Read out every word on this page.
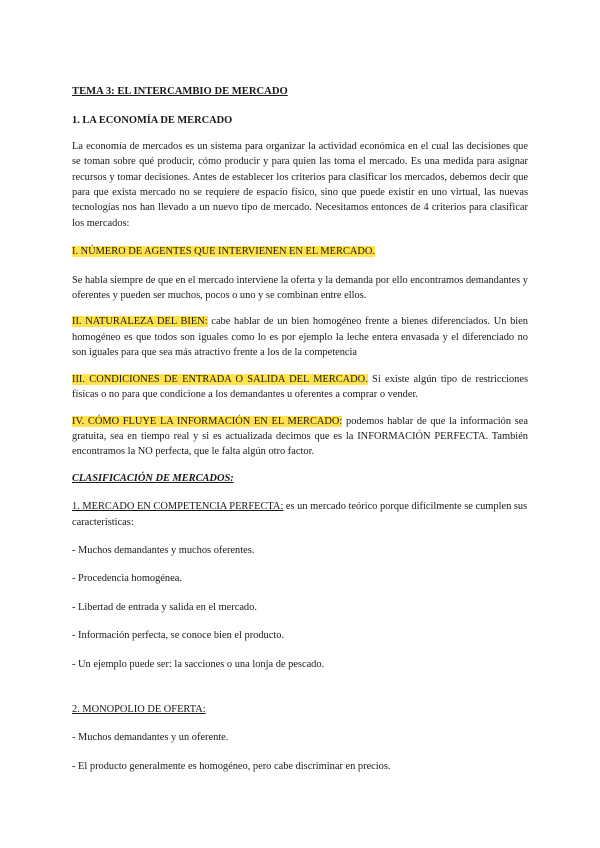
TEMA 3: EL INTERCAMBIO DE MERCADO

1. LA ECONOMÍA DE MERCADO

La economía de mercados es un sistema para organizar la actividad económica en el cual las decisiones que se toman sobre qué producir, cómo producir y para quien las toma el mercado. Es una medida para asignar recursos y tomar decisiones. Antes de establecer los criterios para clasificar los mercados, debemos decir que para que exista mercado no se requiere de espacio físico, sino que puede existir en uno virtual, las nuevas tecnologías nos han llevado a un nuevo tipo de mercado. Necesitamos entonces de 4 criterios para clasificar los mercados:

I. NÚMERO DE AGENTES QUE INTERVIENEN EN EL MERCADO.

Se habla siempre de que en el mercado interviene la oferta y la demanda por ello encontramos demandantes y oferentes y pueden ser muchos, pocos o uno y se combinan entre ellos.

II. NATURALEZA DEL BIEN: cabe hablar de un bien homogéneo frente a bienes diferenciados. Un bien homogéneo es que todos son iguales como lo es por ejemplo la leche entera envasada y el diferenciado no son iguales para que sea más atractivo frente a los de la competencia

III. CONDICIONES DE ENTRADA O SALIDA DEL MERCADO. Si existe algún tipo de restricciones físicas o no para que condicione a los demandantes u oferentes a comprar o vender.

IV. CÓMO FLUYE LA INFORMACIÓN EN EL MERCADO: podemos hablar de que la información sea gratuita, sea en tiempo real y si es actualizada decimos que es la INFORMACIÓN PERFECTA. También encontramos la NO perfecta, que le falta algún otro factor.

CLASIFICACIÓN DE MERCADOS:

1. MERCADO EN COMPETENCIA PERFECTA: es un mercado teórico porque difícilmente se cumplen sus características:

- Muchos demandantes y muchos oferentes.

- Procedencia homogénea.

- Libertad de entrada y salida en el mercado.

- Información perfecta, se conoce bien el producto.

- Un ejemplo puede ser: la sacciones o una lonja de pescado.

2. MONOPOLIO DE OFERTA:

- Muchos demandantes y un oferente.

- El producto generalmente es homogéneo, pero cabe discriminar en precios.
